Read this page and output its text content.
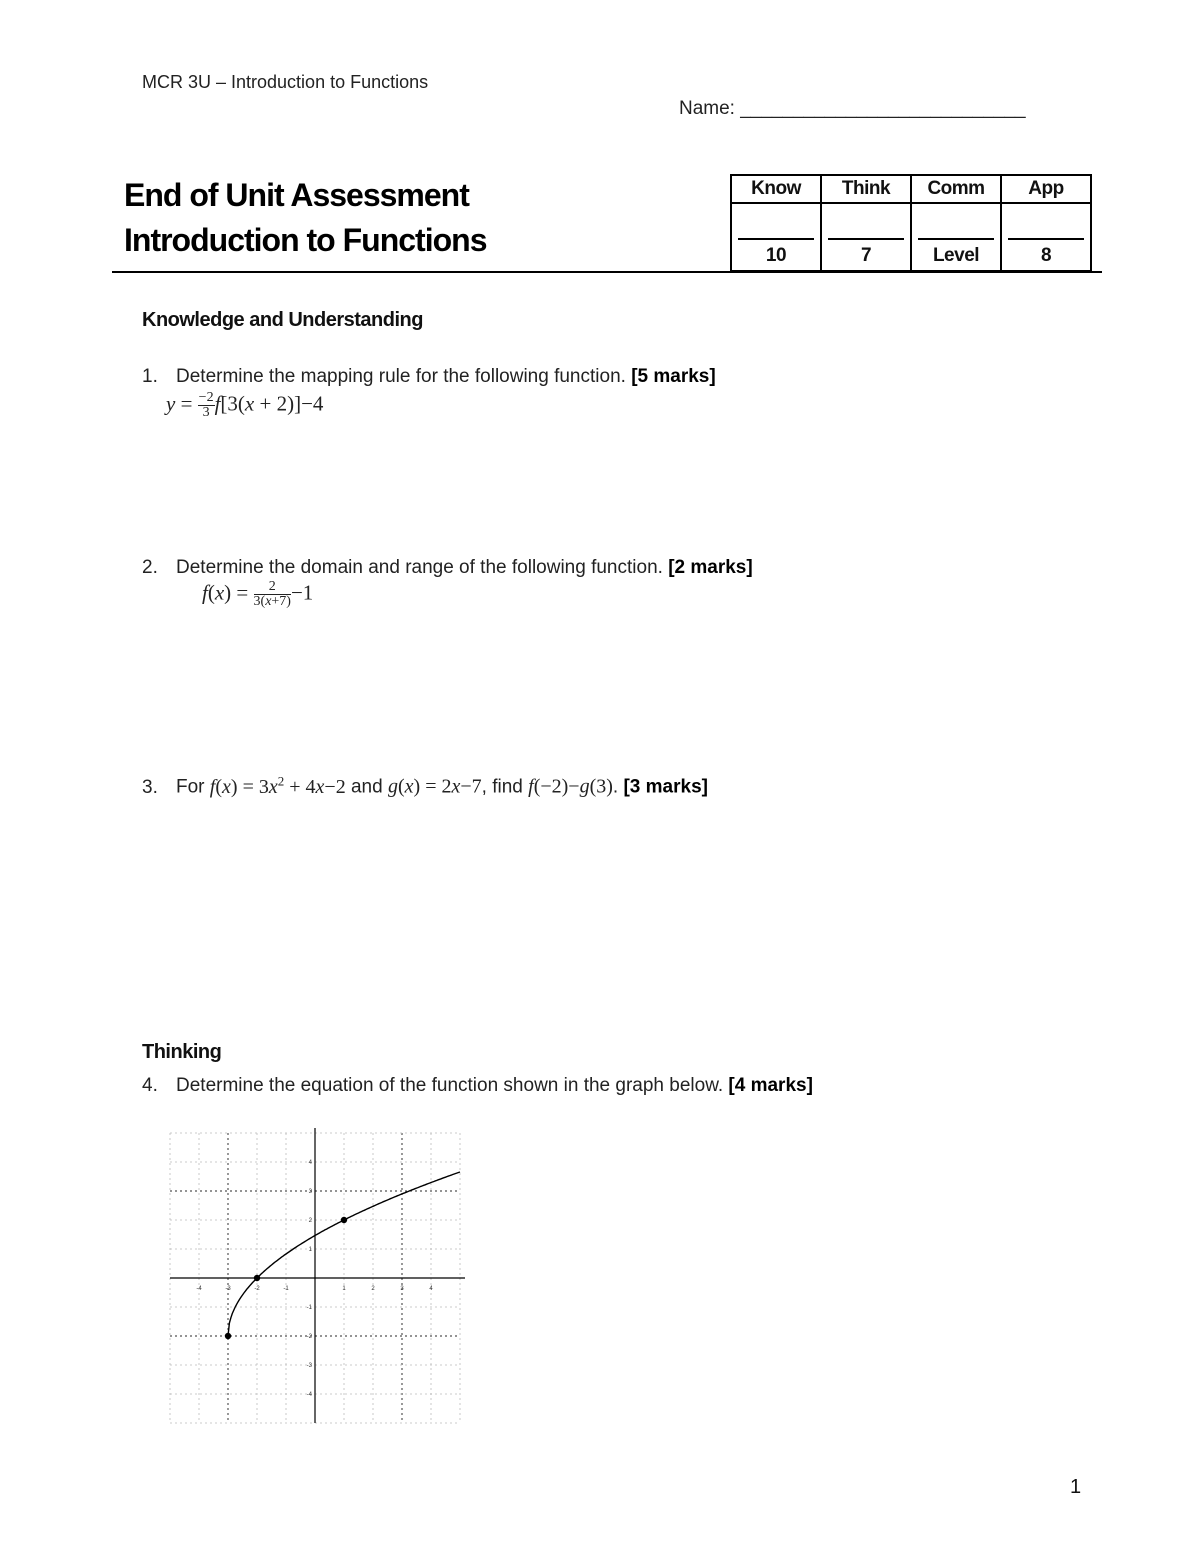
MCR 3U – Introduction to Functions
Name: ___________________________
End of Unit Assessment
Introduction to Functions
Know	Think	Comm	App

10	7	Level	8
Knowledge and Understanding
1. Determine the mapping rule for the following function. [5 marks]
$y = \frac{-2}{3} f[3(x + 2)]-4$
2. Determine the domain and range of the following function. [2 marks]
$f(x) = \frac{2}{3(x+7)} -1$
3. For $f(x) = 3x^2 + 4x-2$ and g(x) = 2x−7, find f(−2)−g(3). [3 marks]
Thinking
4. Determine the equation of the function shown in the graph below. [4 marks]
-4	-3	-2	-1	1	2	3	4
4
3
2
1
-1
-2
-3
-4
1
